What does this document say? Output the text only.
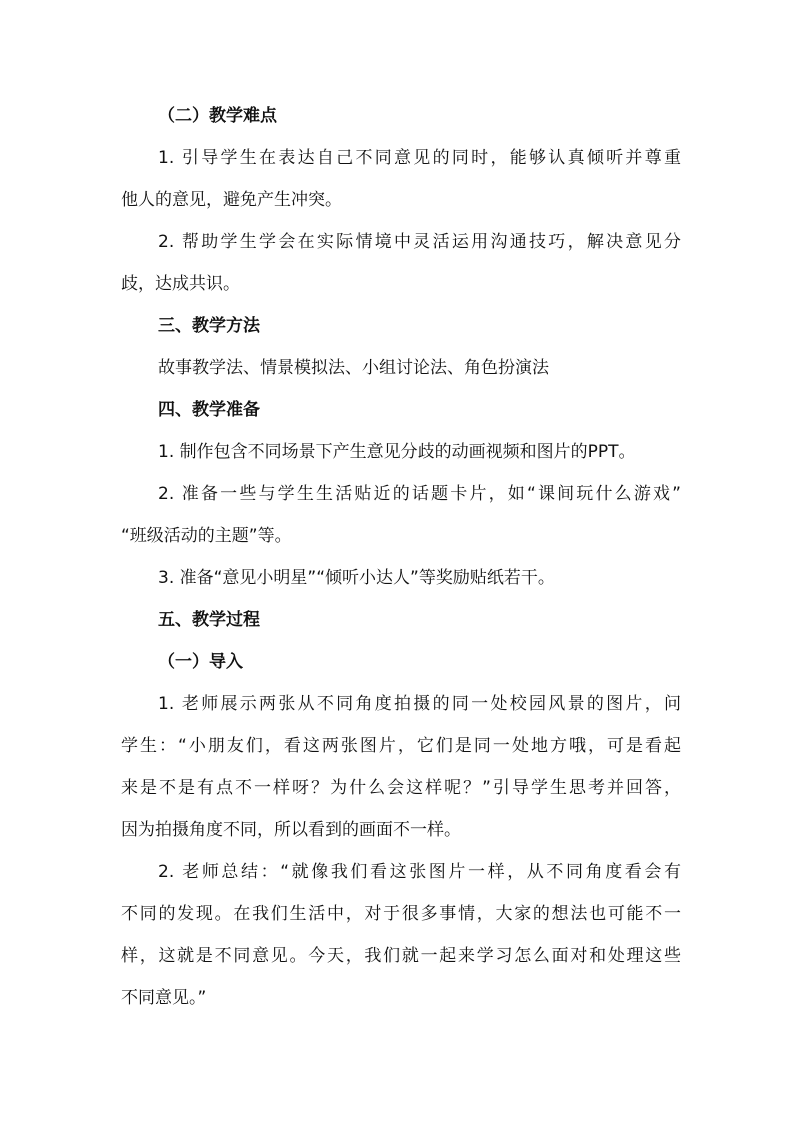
（二）教学难点
1. 引导学生在表达自己不同意见的同时，能够认真倾听并尊重
他人的意见，避免产生冲突。
2. 帮助学生学会在实际情境中灵活运用沟通技巧，解决意见分
歧，达成共识。
三、教学方法
故事教学法、情景模拟法、小组讨论法、角色扮演法
四、教学准备
1. 制作包含不同场景下产生意见分歧的动画视频和图片的PPT。
2. 准备一些与学生生活贴近的话题卡片，如“课间玩什么游戏”
“班级活动的主题”等。
3. 准备“意见小明星”“倾听小达人”等奖励贴纸若干。
五、教学过程
（一）导入
1. 老师展示两张从不同角度拍摄的同一处校园风景的图片，问
学生：“小朋友们，看这两张图片，它们是同一处地方哦，可是看起
来是不是有点不一样呀？为什么会这样呢？”引导学生思考并回答，
因为拍摄角度不同，所以看到的画面不一样。
2. 老师总结：“就像我们看这张图片一样，从不同角度看会有
不同的发现。在我们生活中，对于很多事情，大家的想法也可能不一
样，这就是不同意见。今天，我们就一起来学习怎么面对和处理这些
不同意见。”
